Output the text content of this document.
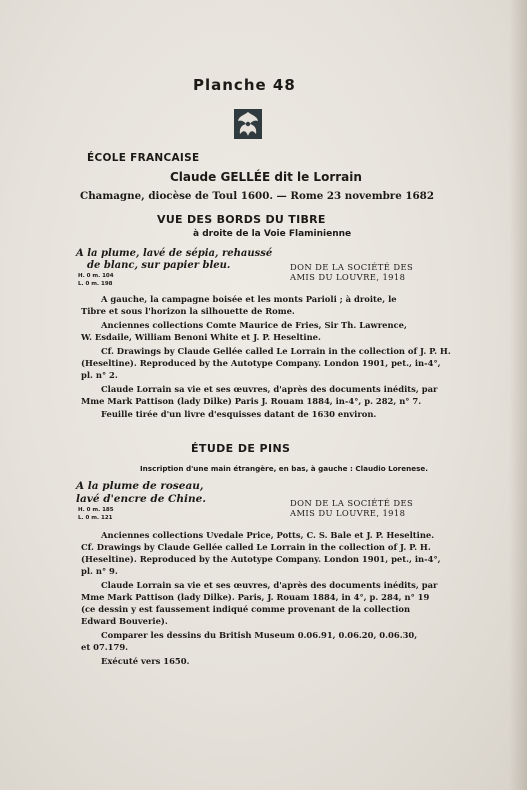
Planche 48
ÉCOLE FRANCAISE
Claude GELLÉE dit le Lorrain
Chamagne, diocèse de Toul 1600. — Rome 23 novembre 1682
VUE DES BORDS DU TIBRE
à droite de la Voie Flaminienne
A la plume, lavé de sépia, rehaussé
de blanc, sur papier bleu.
H. 0 m. 104
L. 0 m. 198
DON DE LA SOCIÉTÉ DES
AMIS DU LOUVRE, 1918
A gauche, la campagne boisée et les monts Parioli ; à droite, le
Tibre et sous l'horizon la silhouette de Rome.
Anciennes collections Comte Maurice de Fries, Sir Th. Lawrence,
W. Esdaile, William Benoni White et J. P. Heseltine.
Cf. Drawings by Claude Gellée called Le Lorrain in the collection of J. P. H.
(Heseltine). Reproduced by the Autotype Company. London 1901, pet., in-4°,
pl. n° 2.
Claude Lorrain sa vie et ses œuvres, d'après des documents inédits, par
Mme Mark Pattison (lady Dilke) Paris J. Rouam 1884, in-4°, p. 282, n° 7.
Feuille tirée d'un livre d'esquisses datant de 1630 environ.
ÉTUDE DE PINS
Inscription d'une main étrangère, en bas, à gauche : Claudio Lorenese.
A la plume de roseau,
lavé d'encre de Chine.
H. 0 m. 185
L. 0 m. 121
DON DE LA SOCIÉTÉ DES
AMIS DU LOUVRE, 1918
Anciennes collections Uvedale Price, Potts, C. S. Bale et J. P. Heseltine.
Cf. Drawings by Claude Gellée called Le Lorrain in the collection of J. P. H.
(Heseltine). Reproduced by the Autotype Company. London 1901, pet., in-4°,
pl. n° 9.
Claude Lorrain sa vie et ses œuvres, d'après des documents inédits, par
Mme Mark Pattison (lady Dilke). Paris, J. Rouam 1884, in 4°, p. 284, n° 19
(ce dessin y est faussement indiqué comme provenant de la collection
Edward Bouverie).
Comparer les dessins du British Museum 0.06.91, 0.06.20, 0.06.30,
et 07.179.
Exécuté vers 1650.
